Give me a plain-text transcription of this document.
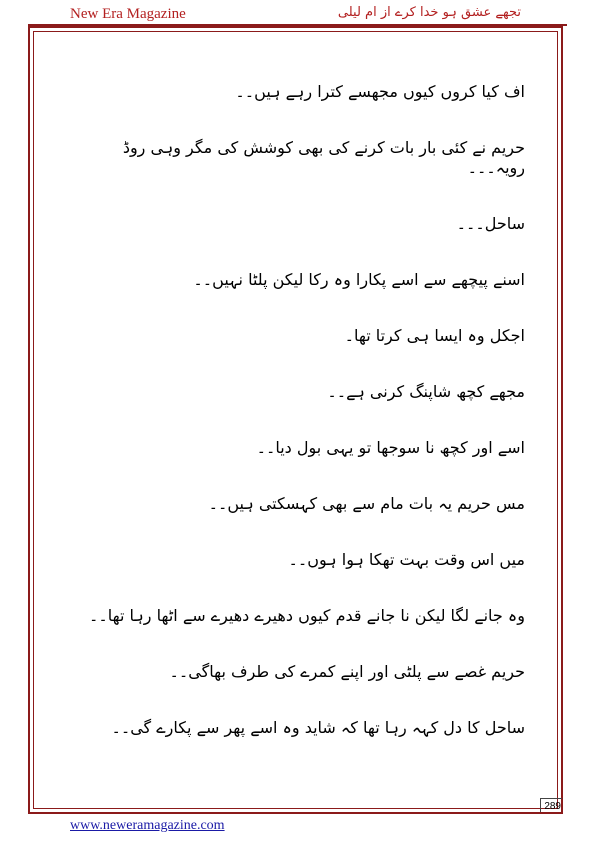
New Era Magazine	تجھے عشق ہو خدا کرے از ام لیلی
اف کیا کروں کیوں مجھسے کترا رہے ہیں۔۔
حریم نے کئی بار بات کرنے کی بھی کوشش کی مگر وہی روڈ رویہ۔۔۔
ساحل۔۔۔
اسنے پیچھے سے اسے پکارا وہ رکا لیکن پلٹا نہیں۔۔
اجکل وہ ایسا ہی کرتا تھا۔
مجھے کچھ شاپنگ کرنی ہے۔۔
اسے اور کچھ نا سوجھا تو یہی بول دیا۔۔
مس حریم یہ بات مام سے بھی کہسکتی ہیں۔۔
میں اس وقت بہت تھکا ہوا ہوں۔۔
وہ جانے لگا لیکن نا جانے قدم کیوں دھیرے دھیرے سے اٹھا رہا تھا۔۔
حریم غصے سے پلٹی اور اپنے کمرے کی طرف بھاگی۔۔
ساحل کا دل کہہ رہا تھا کہ شاید وہ اسے پھر سے پکارے گی۔۔
289
www.neweramagazine.com
